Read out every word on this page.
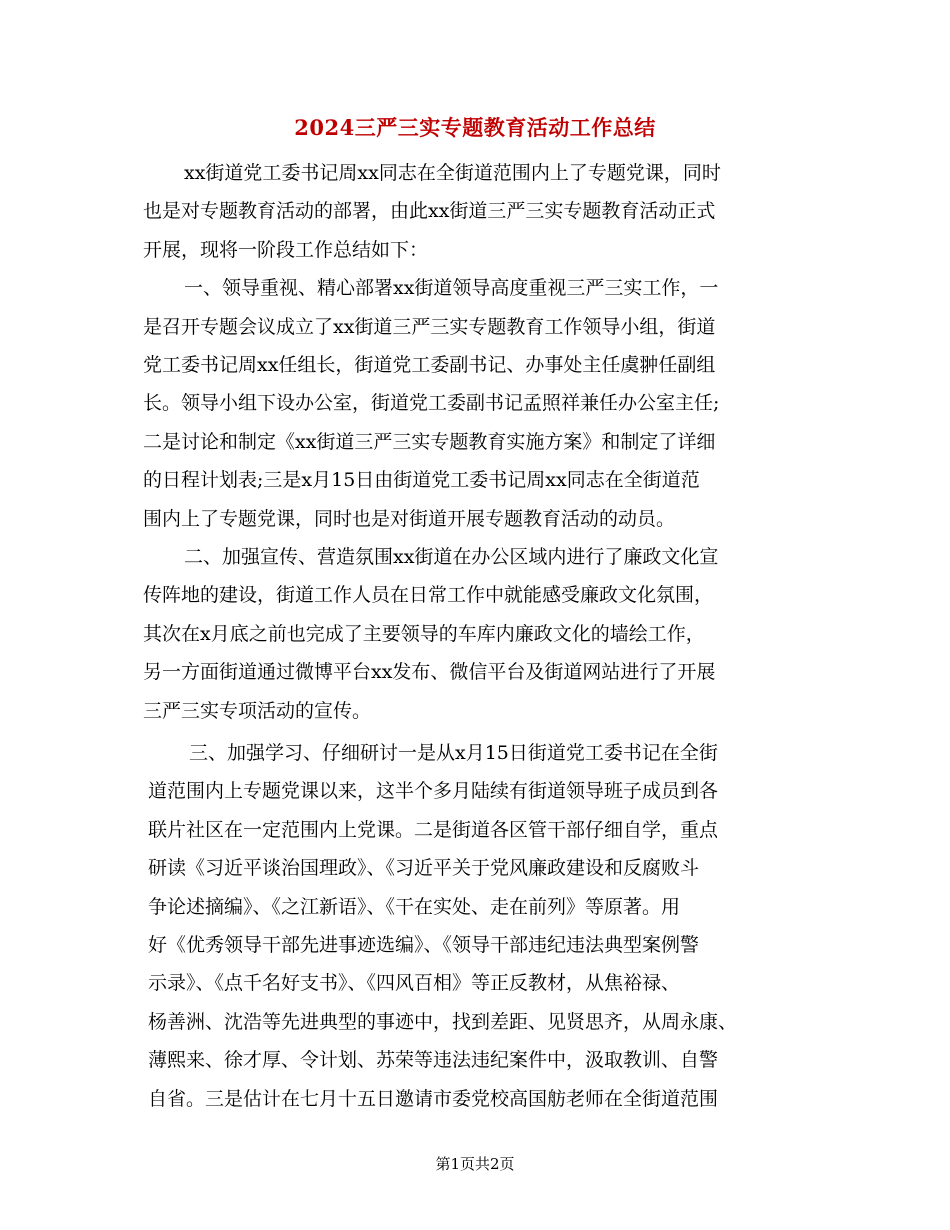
2024三严三实专题教育活动工作总结
xx街道党工委书记周xx同志在全街道范围内上了专题党课，同时
也是对专题教育活动的部署，由此xx街道三严三实专题教育活动正式
开展，现将一阶段工作总结如下：
一、领导重视、精心部署xx街道领导高度重视三严三实工作，一
是召开专题会议成立了xx街道三严三实专题教育工作领导小组，街道
党工委书记周xx任组长，街道党工委副书记、办事处主任虞翀任副组
长。领导小组下设办公室，街道党工委副书记孟照祥兼任办公室主任;
二是讨论和制定《xx街道三严三实专题教育实施方案》和制定了详细
的日程计划表;三是x月15日由街道党工委书记周xx同志在全街道范
围内上了专题党课，同时也是对街道开展专题教育活动的动员。
二、加强宣传、营造氛围xx街道在办公区域内进行了廉政文化宣
传阵地的建设，街道工作人员在日常工作中就能感受廉政文化氛围，
其次在x月底之前也完成了主要领导的车库内廉政文化的墙绘工作，
另一方面街道通过微博平台xx发布、微信平台及街道网站进行了开展
三严三实专项活动的宣传。
三、加强学习、仔细研讨一是从x月15日街道党工委书记在全街
道范围内上专题党课以来，这半个多月陆续有街道领导班子成员到各
联片社区在一定范围内上党课。二是街道各区管干部仔细自学，重点
研读《习近平谈治国理政》、《习近平关于党风廉政建设和反腐败斗
争论述摘编》、《之江新语》、《干在实处、走在前列》等原著。用
好《优秀领导干部先进事迹选编》、《领导干部违纪违法典型案例警
示录》、《点千名好支书》、《四风百相》等正反教材，从焦裕禄、
杨善洲、沈浩等先进典型的事迹中，找到差距、见贤思齐，从周永康、
薄熙来、徐才厚、令计划、苏荣等违法违纪案件中，汲取教训、自警
自省。三是估计在七月十五日邀请市委党校高国舫老师在全街道范围
第1页共2页
